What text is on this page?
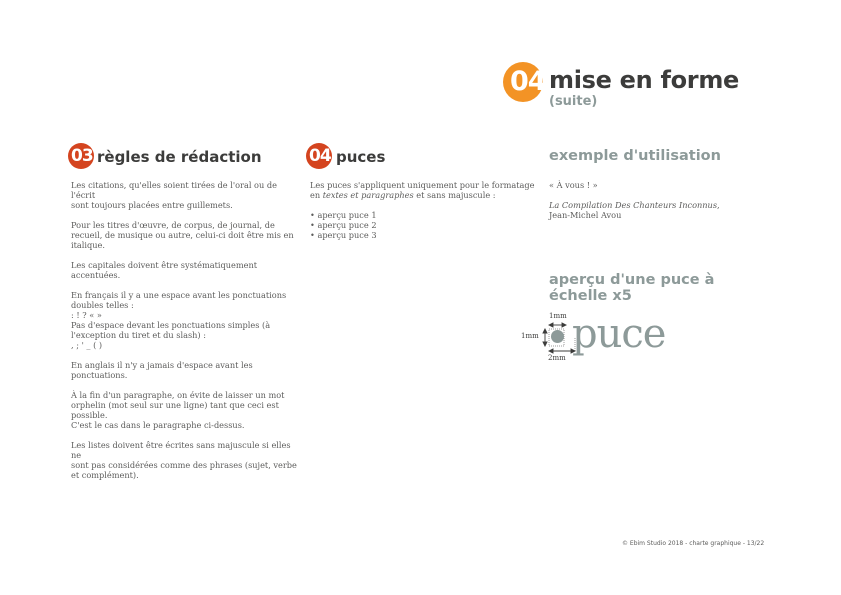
04 mise en forme
(suite)
03 règles de rédaction

Les citations, qu'elles soient tirées de l'oral ou de l'écrit
sont toujours placées entre guillemets.

Pour les titres d'œuvre, de corpus, de journal, de
recueil, de musique ou autre, celui-ci doit être mis en
italique.

Les capitales doivent être systématiquement
accentuées.

En français il y a une espace avant les ponctuations
doubles telles :
: ! ? « »
Pas d'espace devant les ponctuations simples (à
l'exception du tiret et du slash) :
, ; ' _ ( )

En anglais il n'y a jamais d'espace avant les
ponctuations.

À la fin d'un paragraphe, on évite de laisser un mot
orphelin (mot seul sur une ligne) tant que ceci est
possible.
C'est le cas dans le paragraphe ci-dessus.

Les listes doivent être écrites sans majuscule si elles ne
sont pas considérées comme des phrases (sujet, verbe
et complément).

04 puces
Les puces s'appliquent uniquement pour le formatage
en textes et paragraphes et sans majuscule :
• aperçu puce 1
• aperçu puce 2
• aperçu puce 3
exemple d'utilisation

« À vous ! »

La Compilation Des Chanteurs Inconnus,
Jean-Michel Avou
aperçu d'une puce à
échelle x5
1mm
1mm
2mm
puce
© Ebim Studio 2018 - charte graphique - 13/22
